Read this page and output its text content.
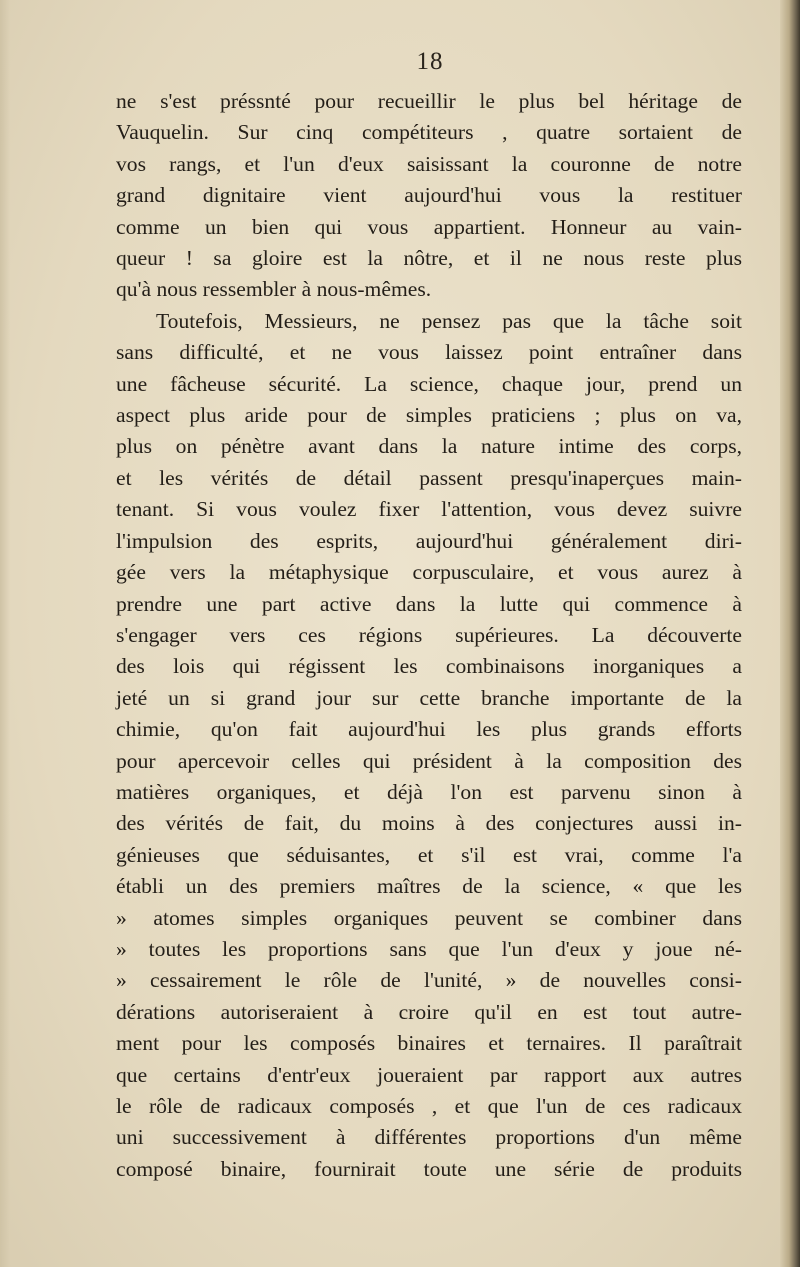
18
ne s'est préssnté pour recueillir le plus bel héritage de
Vauquelin. Sur cinq compétiteurs , quatre sortaient de
vos rangs, et l'un d'eux saisissant la couronne de notre
grand dignitaire vient aujourd'hui vous la restituer
comme un bien qui vous appartient. Honneur au vain-
queur ! sa gloire est la nôtre, et il ne nous reste plus
qu'à nous ressembler à nous-mêmes.
Toutefois, Messieurs, ne pensez pas que la tâche soit
sans difficulté, et ne vous laissez point entraîner dans
une fâcheuse sécurité. La science, chaque jour, prend un
aspect plus aride pour de simples praticiens ; plus on va,
plus on pénètre avant dans la nature intime des corps,
et les vérités de détail passent presqu'inaperçues main-
tenant. Si vous voulez fixer l'attention, vous devez suivre
l'impulsion des esprits, aujourd'hui généralement diri-
gée vers la métaphysique corpusculaire, et vous aurez à
prendre une part active dans la lutte qui commence à
s'engager vers ces régions supérieures. La découverte
des lois qui régissent les combinaisons inorganiques a
jeté un si grand jour sur cette branche importante de la
chimie, qu'on fait aujourd'hui les plus grands efforts
pour apercevoir celles qui président à la composition des
matières organiques, et déjà l'on est parvenu sinon à
des vérités de fait, du moins à des conjectures aussi in-
génieuses que séduisantes, et s'il est vrai, comme l'a
établi un des premiers maîtres de la science, « que les
» atomes simples organiques peuvent se combiner dans
» toutes les proportions sans que l'un d'eux y joue né-
» cessairement le rôle de l'unité, » de nouvelles consi-
dérations autoriseraient à croire qu'il en est tout autre-
ment pour les composés binaires et ternaires. Il paraîtrait
que certains d'entr'eux joueraient par rapport aux autres
le rôle de radicaux composés , et que l'un de ces radicaux
uni successivement à différentes proportions d'un même
composé binaire, fournirait toute une série de produits
